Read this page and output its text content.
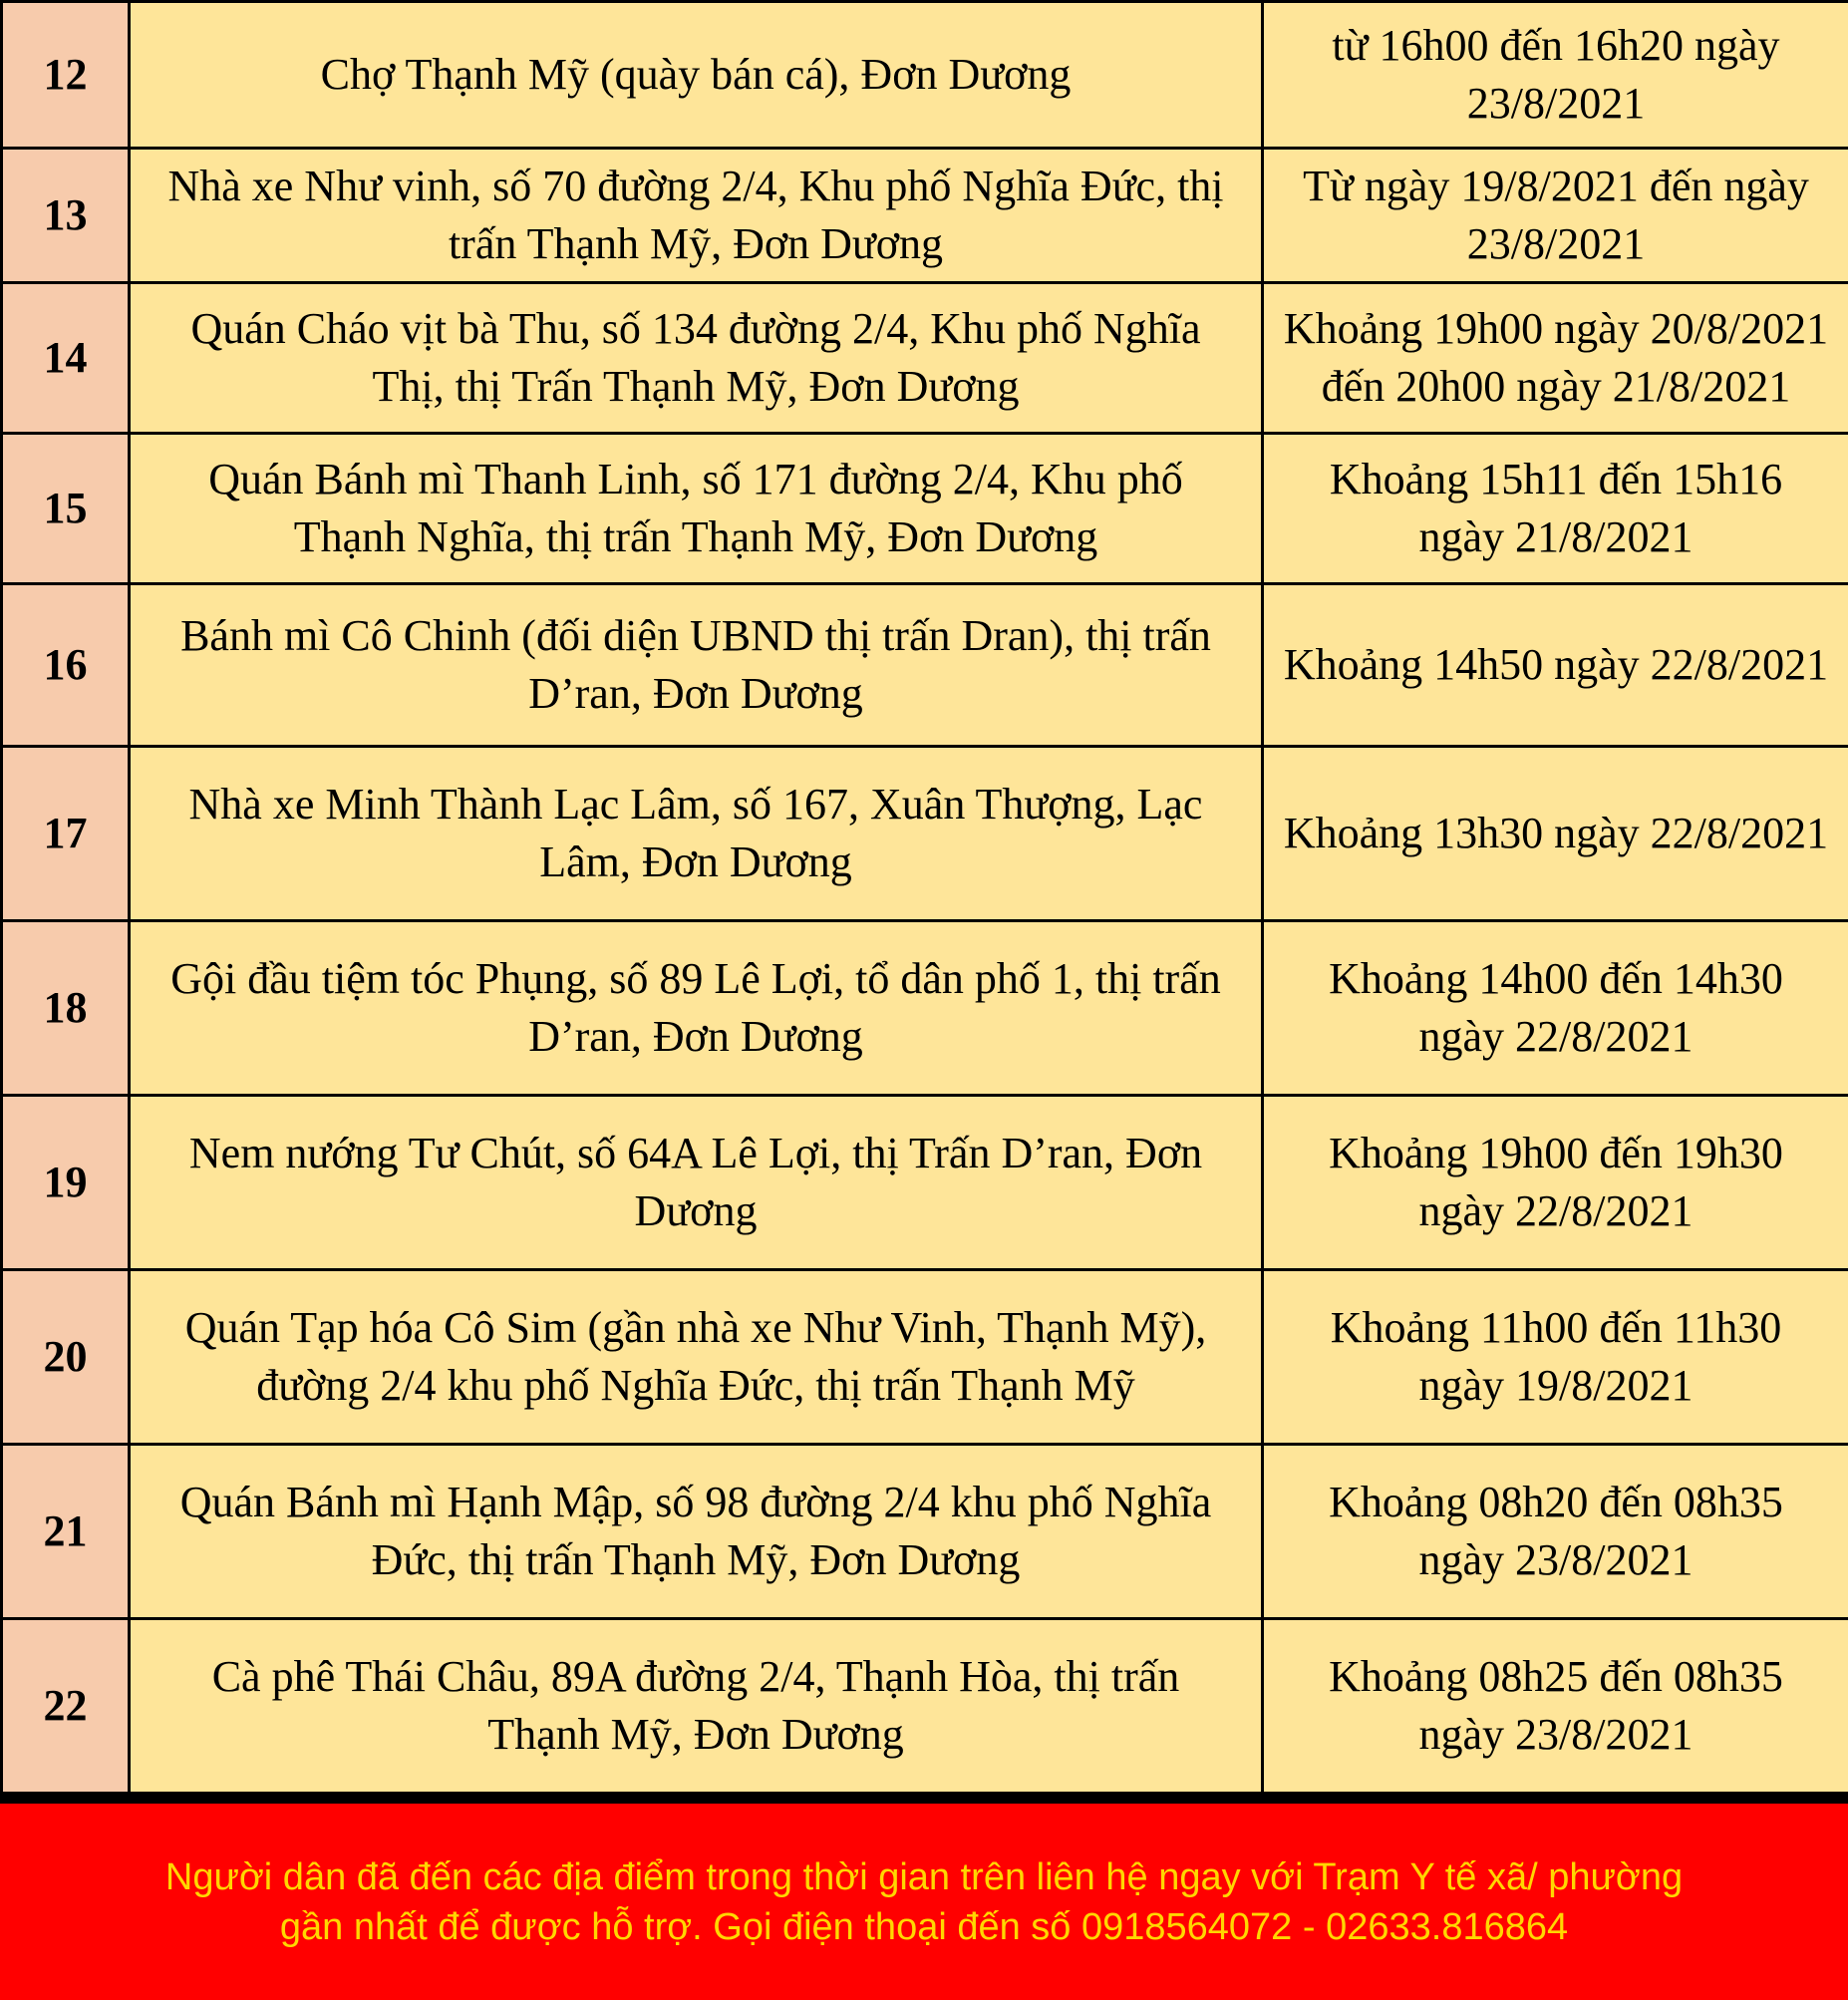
12	Chợ Thạnh Mỹ (quày bán cá), Đơn Dương	từ 16h00 đến 16h20 ngày
23/8/2021

13	Nhà xe Như vinh, số 70 đường 2/4, Khu phố Nghĩa Đức, thị
trấn Thạnh Mỹ, Đơn Dương	Từ ngày 19/8/2021 đến ngày
23/8/2021

14	Quán Cháo vịt bà Thu, số 134 đường 2/4, Khu phố Nghĩa
Thị, thị Trấn Thạnh Mỹ, Đơn Dương	Khoảng 19h00 ngày 20/8/2021
đến 20h00 ngày 21/8/2021

15	Quán Bánh mì Thanh Linh, số 171 đường 2/4, Khu phố
Thạnh Nghĩa, thị trấn Thạnh Mỹ, Đơn Dương	Khoảng 15h11 đến 15h16
ngày 21/8/2021

16	Bánh mì Cô Chinh (đối diện UBND thị trấn Dran), thị trấn
D’ran, Đơn Dương	Khoảng 14h50 ngày 22/8/2021

17	Nhà xe Minh Thành Lạc Lâm, số 167, Xuân Thượng, Lạc
Lâm, Đơn Dương	Khoảng 13h30 ngày 22/8/2021

18	Gội đầu tiệm tóc Phụng, số 89 Lê Lợi, tổ dân phố 1, thị trấn
D’ran, Đơn Dương	Khoảng 14h00 đến 14h30
ngày 22/8/2021

19	Nem nướng Tư Chút, số 64A Lê Lợi, thị Trấn D’ran, Đơn
Dương	Khoảng 19h00 đến 19h30
ngày 22/8/2021

20	Quán Tạp hóa Cô Sim (gần nhà xe Như Vinh, Thạnh Mỹ),
đường 2/4 khu phố Nghĩa Đức, thị trấn Thạnh Mỹ	Khoảng 11h00 đến 11h30
ngày 19/8/2021

21	Quán Bánh mì Hạnh Mập, số 98 đường 2/4 khu phố Nghĩa
Đức, thị trấn Thạnh Mỹ, Đơn Dương	Khoảng 08h20 đến 08h35
ngày 23/8/2021

22	Cà phê Thái Châu, 89A đường 2/4, Thạnh Hòa, thị trấn
Thạnh Mỹ, Đơn Dương	Khoảng 08h25 đến 08h35
ngày 23/8/2021
Người dân đã đến các địa điểm trong thời gian trên liên hệ ngay với Trạm Y tế xã/ phường
gần nhất để được hỗ trợ. Gọi điện thoại đến số 0918564072 - 02633.816864
